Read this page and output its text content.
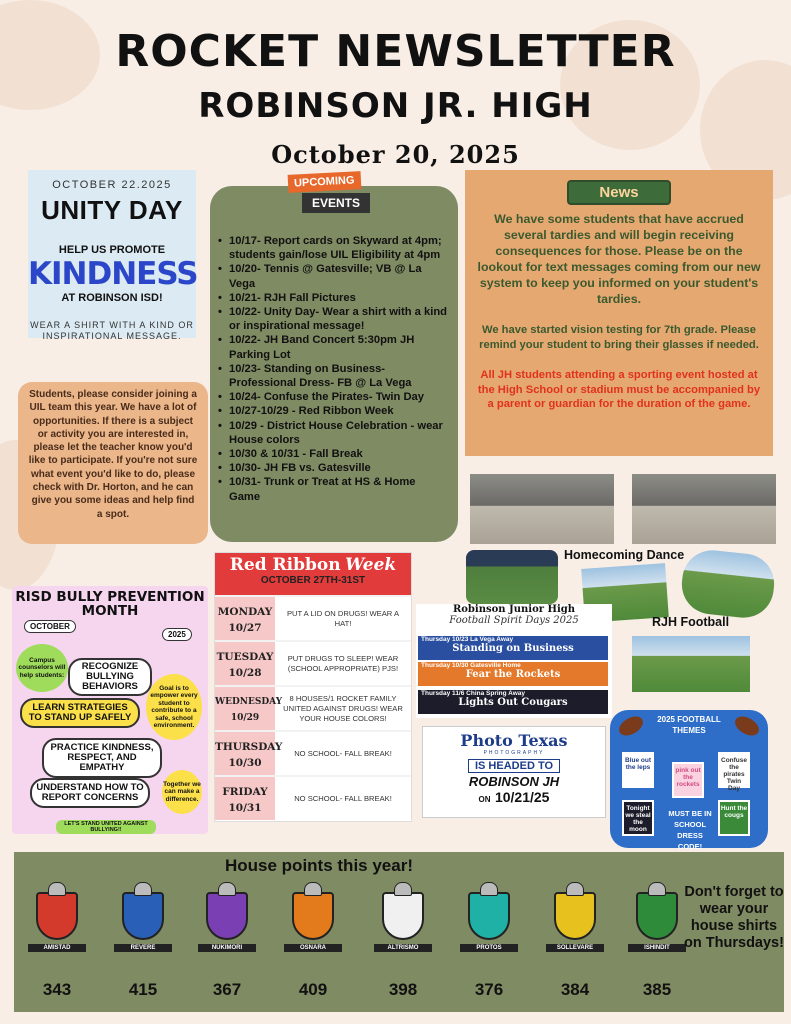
ROCKET NEWSLETTER
ROBINSON JR. HIGH
October 20, 2025
OCTOBER 22.2025
UNITY DAY
HELP US PROMOTE
KINDNESS
AT ROBINSON ISD!
WEAR A SHIRT WITH A KIND OR INSPIRATIONAL MESSAGE.
Students, please consider joining a UIL team this year. We have a lot of opportunities. If there is a subject or activity you are interested in, please let the teacher know you'd like to participate. If you're not sure what event you'd like to do, please check with Dr. Horton, and he can give you some ideas and help find a spot.
• 10/17- Report cards on Skyward at 4pm; students gain/lose UIL Eligibility at 4pm
• 10/20- Tennis @ Gatesville; VB @ La Vega
• 10/21- RJH Fall Pictures
• 10/22- Unity Day- Wear a shirt with a kind or inspirational message!
• 10/22- JH Band Concert 5:30pm JH Parking Lot
• 10/23- Standing on Business- Professional Dress- FB @ La Vega
• 10/24- Confuse the Pirates- Twin Day
• 10/27-10/29 - Red Ribbon Week
• 10/29 - District House Celebration - wear House colors
• 10/30 & 10/31 - Fall Break
• 10/30- JH FB vs. Gatesville
• 10/31- Trunk or Treat at HS & Home Game
UPCOMING
EVENTS
News

We have some students that have accrued several tardies and will begin receiving consequences for those. Please be on the lookout for text messages coming from our new system to keep you informed on your student's tardies.

We have started vision testing for 7th grade. Please remind your student to bring their glasses if needed.

All JH students attending a sporting event hosted at the High School or stadium must be accompanied by a parent or guardian for the duration of the game.

Homecoming Dance
RJH Football
Red Ribbon Week
OCTOBER 27TH-31ST
MONDAY
10/27
PUT A LID ON DRUGS! WEAR A HAT!
TUESDAY
10/28
PUT DRUGS TO SLEEP! WEAR (SCHOOL APPROPRIATE) PJS!
WEDNESDAY
10/29
8 HOUSES/1 ROCKET FAMILY UNITED AGAINST DRUGS! WEAR YOUR HOUSE COLORS!
THURSDAY
10/30
NO SCHOOL- FALL BREAK!
FRIDAY
10/31
NO SCHOOL- FALL BREAK!
RISD BULLY PREVENTION MONTH
OCTOBER
2025
Campus counselors will help students:
RECOGNIZE BULLYING BEHAVIORS
LEARN STRATEGIES TO STAND UP SAFELY
Goal is to empower every student to contribute to a safe, school environment.
PRACTICE KINDNESS, RESPECT, AND EMPATHY
UNDERSTAND HOW TO REPORT CONCERNS
Together we can make a difference.
LET'S STAND UNITED AGAINST BULLYING!!
Robinson Junior High
Football Spirit Days 2025
Thursday 10/23 La Vega Away
Standing on Business
Thursday 10/30 Gatesville Home
Fear the Rockets
Thursday 11/6 China Spring Away
Lights Out Cougars
Photo Texas
PHOTOGRAPHY
IS HEADED TO
ROBINSON JH
ON 10/21/25
2025 FOOTBALL THEMES
Blue out the leps	pink out the rockets
Confuse the pirates Twin Day
Tonight we steal the moon
Hunt the cougs
MUST BE IN SCHOOL DRESS CODE!
House points this year!
AMISTAD
343
REVERE
415
NUKIMORI
367
OSNARA
409
ALTRISMO
398
PROTOS
376
SOLLEVARE
384
ISHINDIT
385
Don't forget to wear your house shirts on Thursdays!
